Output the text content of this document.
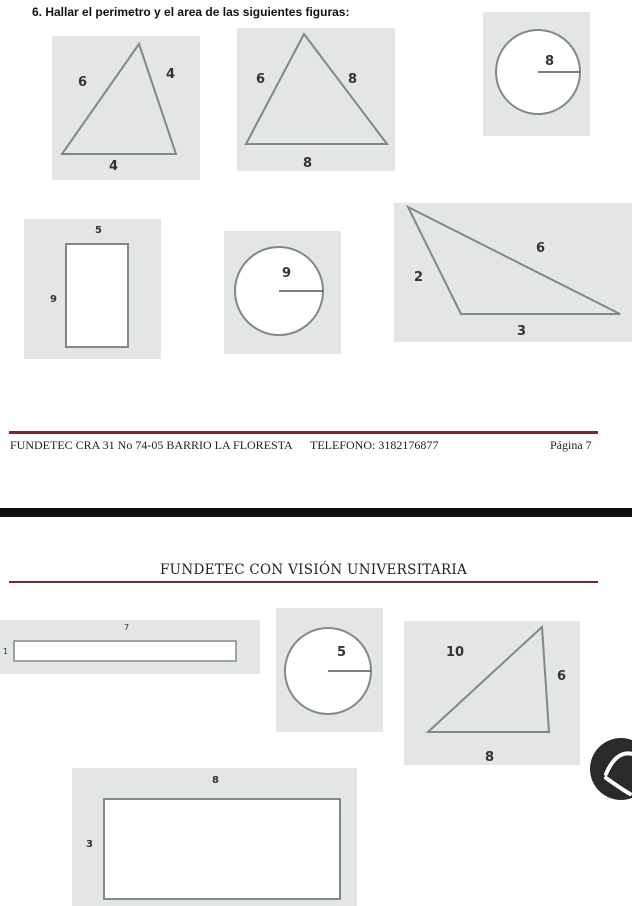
6. Hallar el perimetro y el area de las siguientes figuras:
6
4
4
6	8
8
8
5
9
9
6
2
3
FUNDETEC CRA 31 No 74-05 BARRIO LA FLORESTA TELEFONO: 3182176877	Página 7
FUNDETEC CON VISIÓN UNIVERSITARIA
7
1	5	10
6
8
8
3
